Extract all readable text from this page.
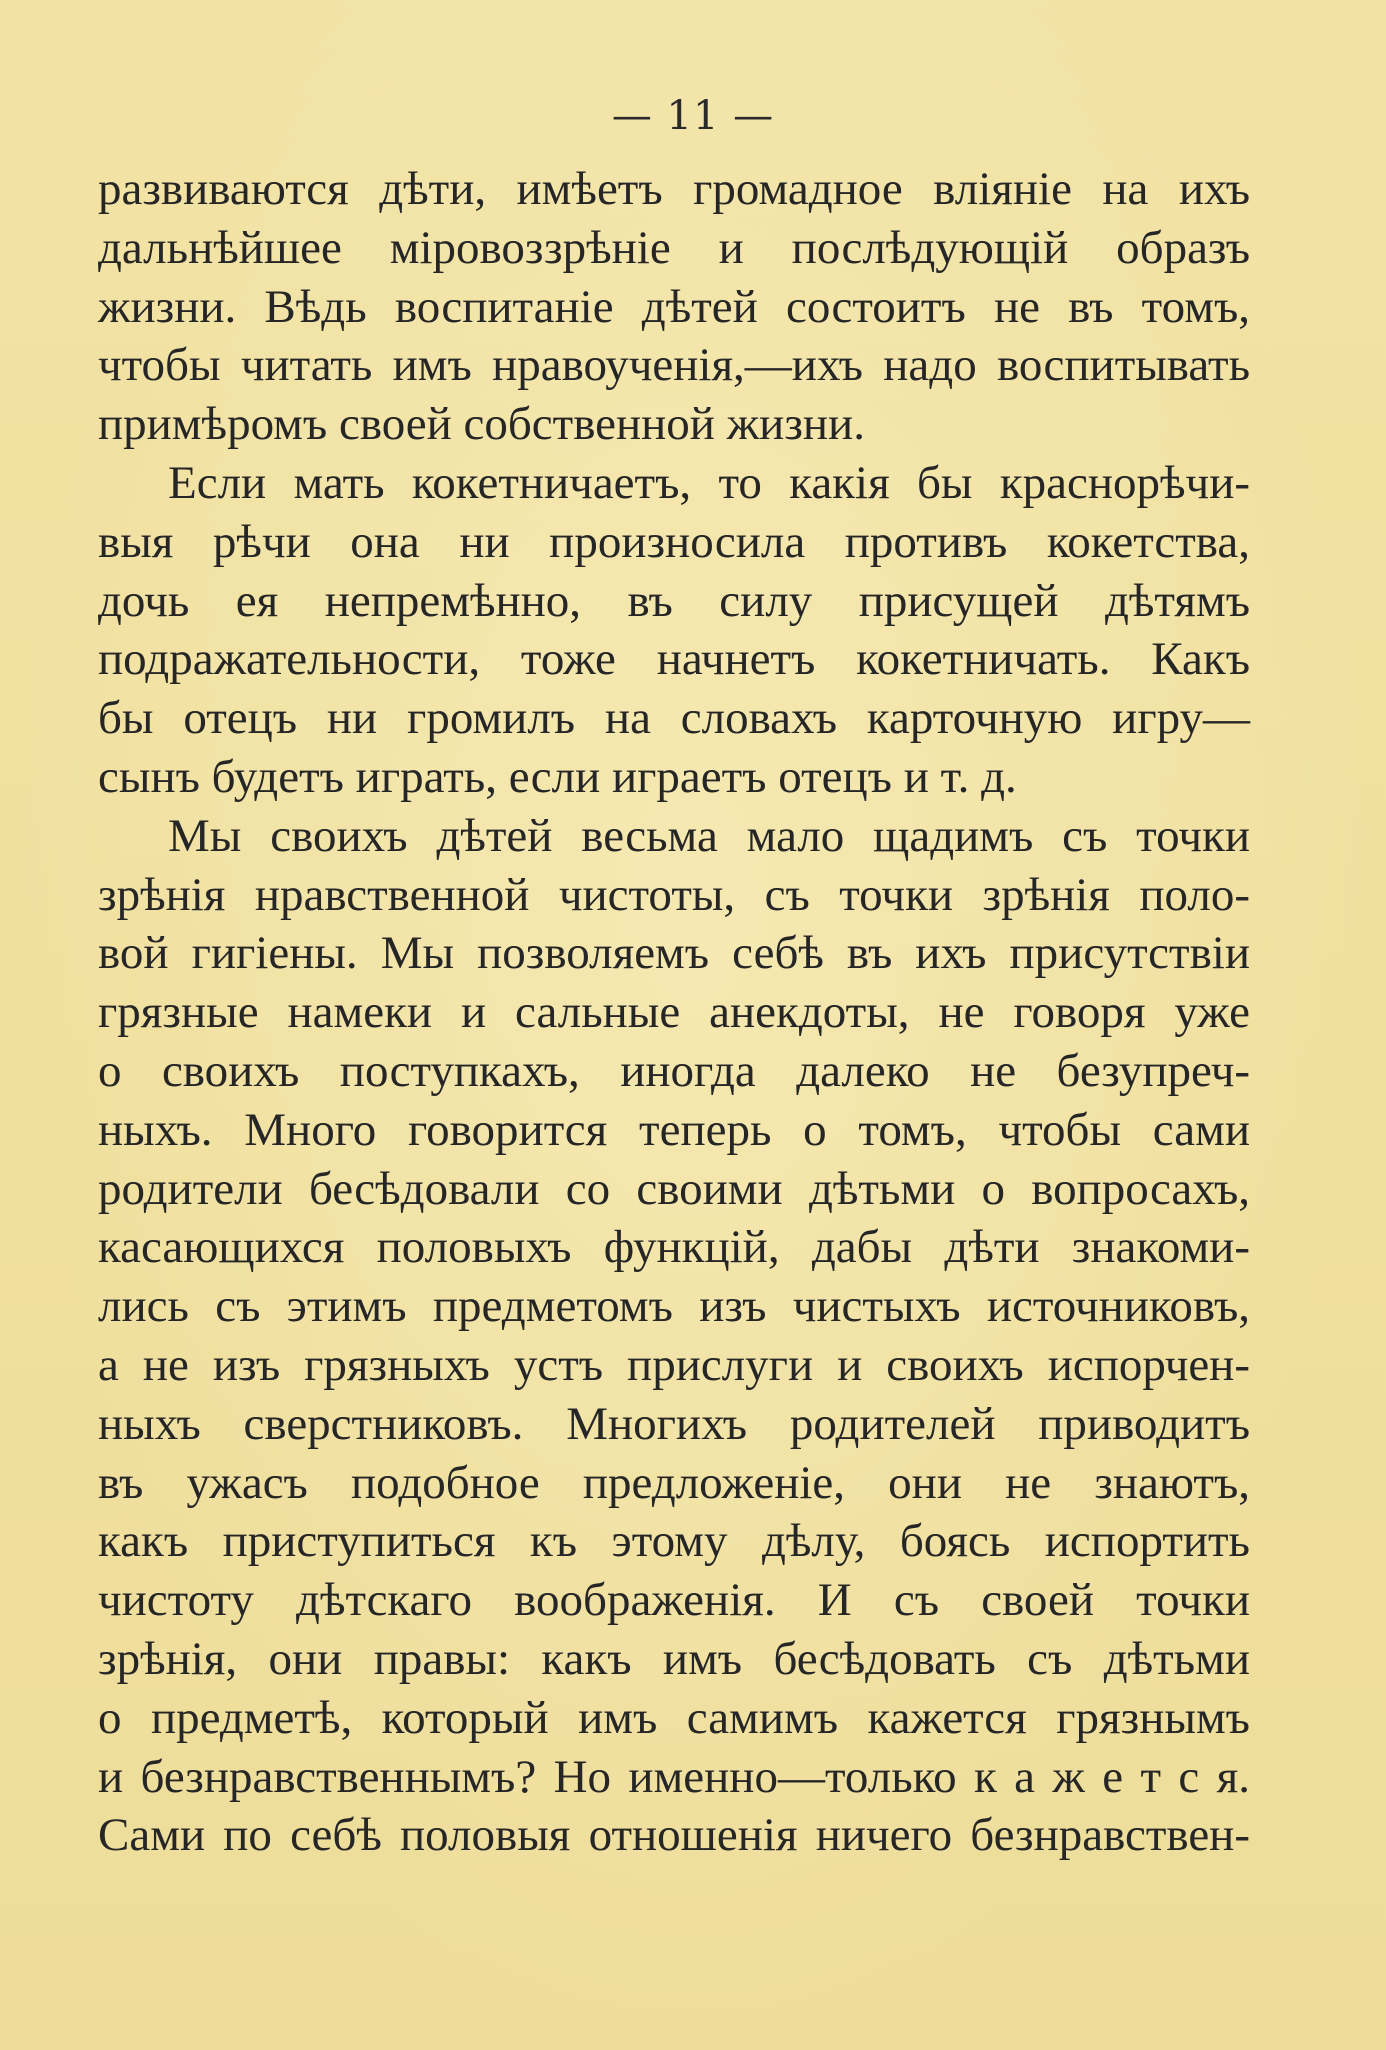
— 11 —
развиваются дѣти, имѣетъ громадное вліяніе на ихъ
дальнѣйшее міровоззрѣніе и послѣдующій образъ
жизни. Вѣдь воспитаніе дѣтей состоитъ не въ томъ,
чтобы читать имъ нравоученія,—ихъ надо воспитывать
примѣромъ своей собственной жизни.
Если мать кокетничаетъ, то какія бы краснорѣчи-
выя рѣчи она ни произносила противъ кокетства,
дочь ея непремѣнно, въ силу присущей дѣтямъ
подражательности, тоже начнетъ кокетничать. Какъ
бы отецъ ни громилъ на словахъ карточную игру—
сынъ будетъ играть, если играетъ отецъ и т. д.
Мы своихъ дѣтей весьма мало щадимъ съ точки
зрѣнія нравственной чистоты, съ точки зрѣнія поло-
вой гигіены. Мы позволяемъ себѣ въ ихъ присутствіи
грязные намеки и сальные анекдоты, не говоря уже
о своихъ поступкахъ, иногда далеко не безупреч-
ныхъ. Много говорится теперь о томъ, чтобы сами
родители бесѣдовали со своими дѣтьми о вопросахъ,
касающихся половыхъ функцій, дабы дѣти знакоми-
лись съ этимъ предметомъ изъ чистыхъ источниковъ,
а не изъ грязныхъ устъ прислуги и своихъ испорчен-
ныхъ сверстниковъ. Многихъ родителей приводитъ
въ ужасъ подобное предложеніе, они не знаютъ,
какъ приступиться къ этому дѣлу, боясь испортить
чистоту дѣтскаго воображенія. И съ своей точки
зрѣнія, они правы: какъ имъ бесѣдовать съ дѣтьми
о предметѣ, который имъ самимъ кажется грязнымъ
и безнравственнымъ? Но именно—только к а ж е т с я.
Сами по себѣ половыя отношенія ничего безнравствен-
